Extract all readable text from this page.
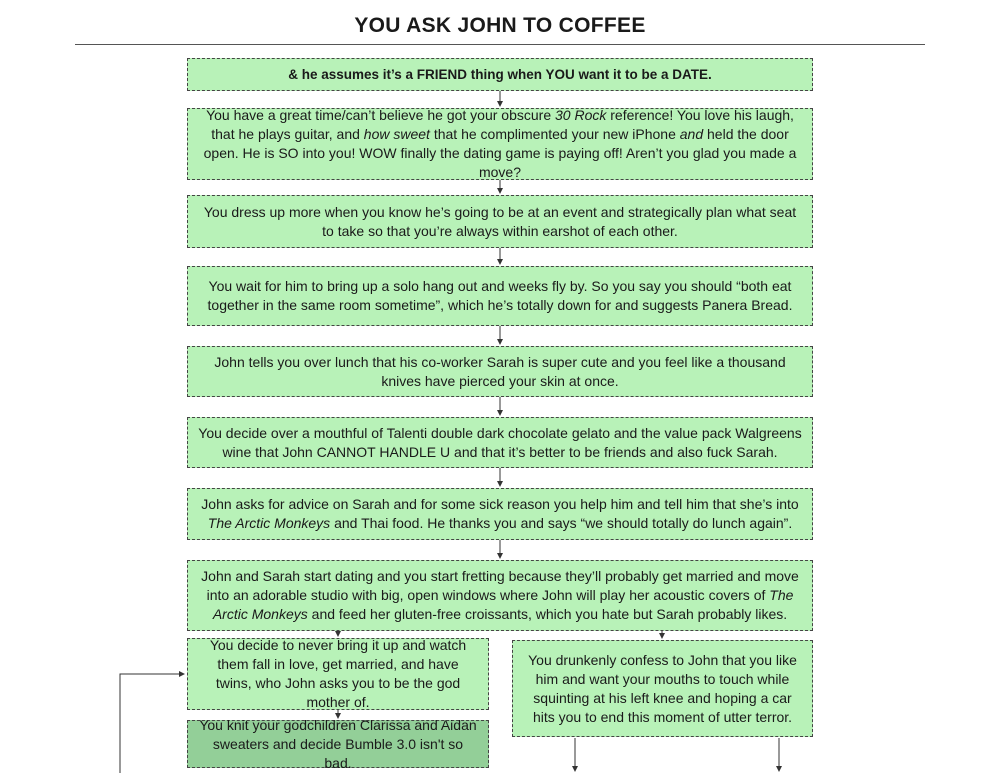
YOU ASK JOHN TO COFFEE

& he assumes it’s a FRIEND thing when YOU want it to be a DATE.

You have a great time/can’t believe he got your obscure 30 Rock reference! You love his laugh, that he plays guitar, and how sweet that he complimented your new iPhone and held the door open. He is SO into you! WOW finally the dating game is paying off! Aren’t you glad you made a move?

You dress up more when you know he’s going to be at an event and strategically plan what seat to take so that you’re always within earshot of each other.

You wait for him to bring up a solo hang out and weeks fly by. So you say you should “both eat together in the same room sometime”, which he’s totally down for and suggests Panera Bread.

John tells you over lunch that his co-worker Sarah is super cute and you feel like a thousand knives have pierced your skin at once.

You decide over a mouthful of Talenti double dark chocolate gelato and the value pack Walgreens wine that John CANNOT HANDLE U and that it’s better to be friends and also fuck Sarah.

John asks for advice on Sarah and for some sick reason you help him and tell him that she’s into The Arctic Monkeys and Thai food. He thanks you and says “we should totally do lunch again”.

John and Sarah start dating and you start fretting because they’ll probably get married and move into an adorable studio with big, open windows where John will play her acoustic covers of The Arctic Monkeys and feed her gluten-free croissants, which you hate but Sarah probably likes.

You decide to never bring it up and watch them fall in love, get married, and have twins, who John asks you to be the god mother of.

You knit your godchildren Clarissa and Aidan sweaters and decide Bumble 3.0 isn't so bad.

You drunkenly confess to John that you like him and want your mouths to touch while squinting at his left knee and hoping a car hits you to end this moment of utter terror.
